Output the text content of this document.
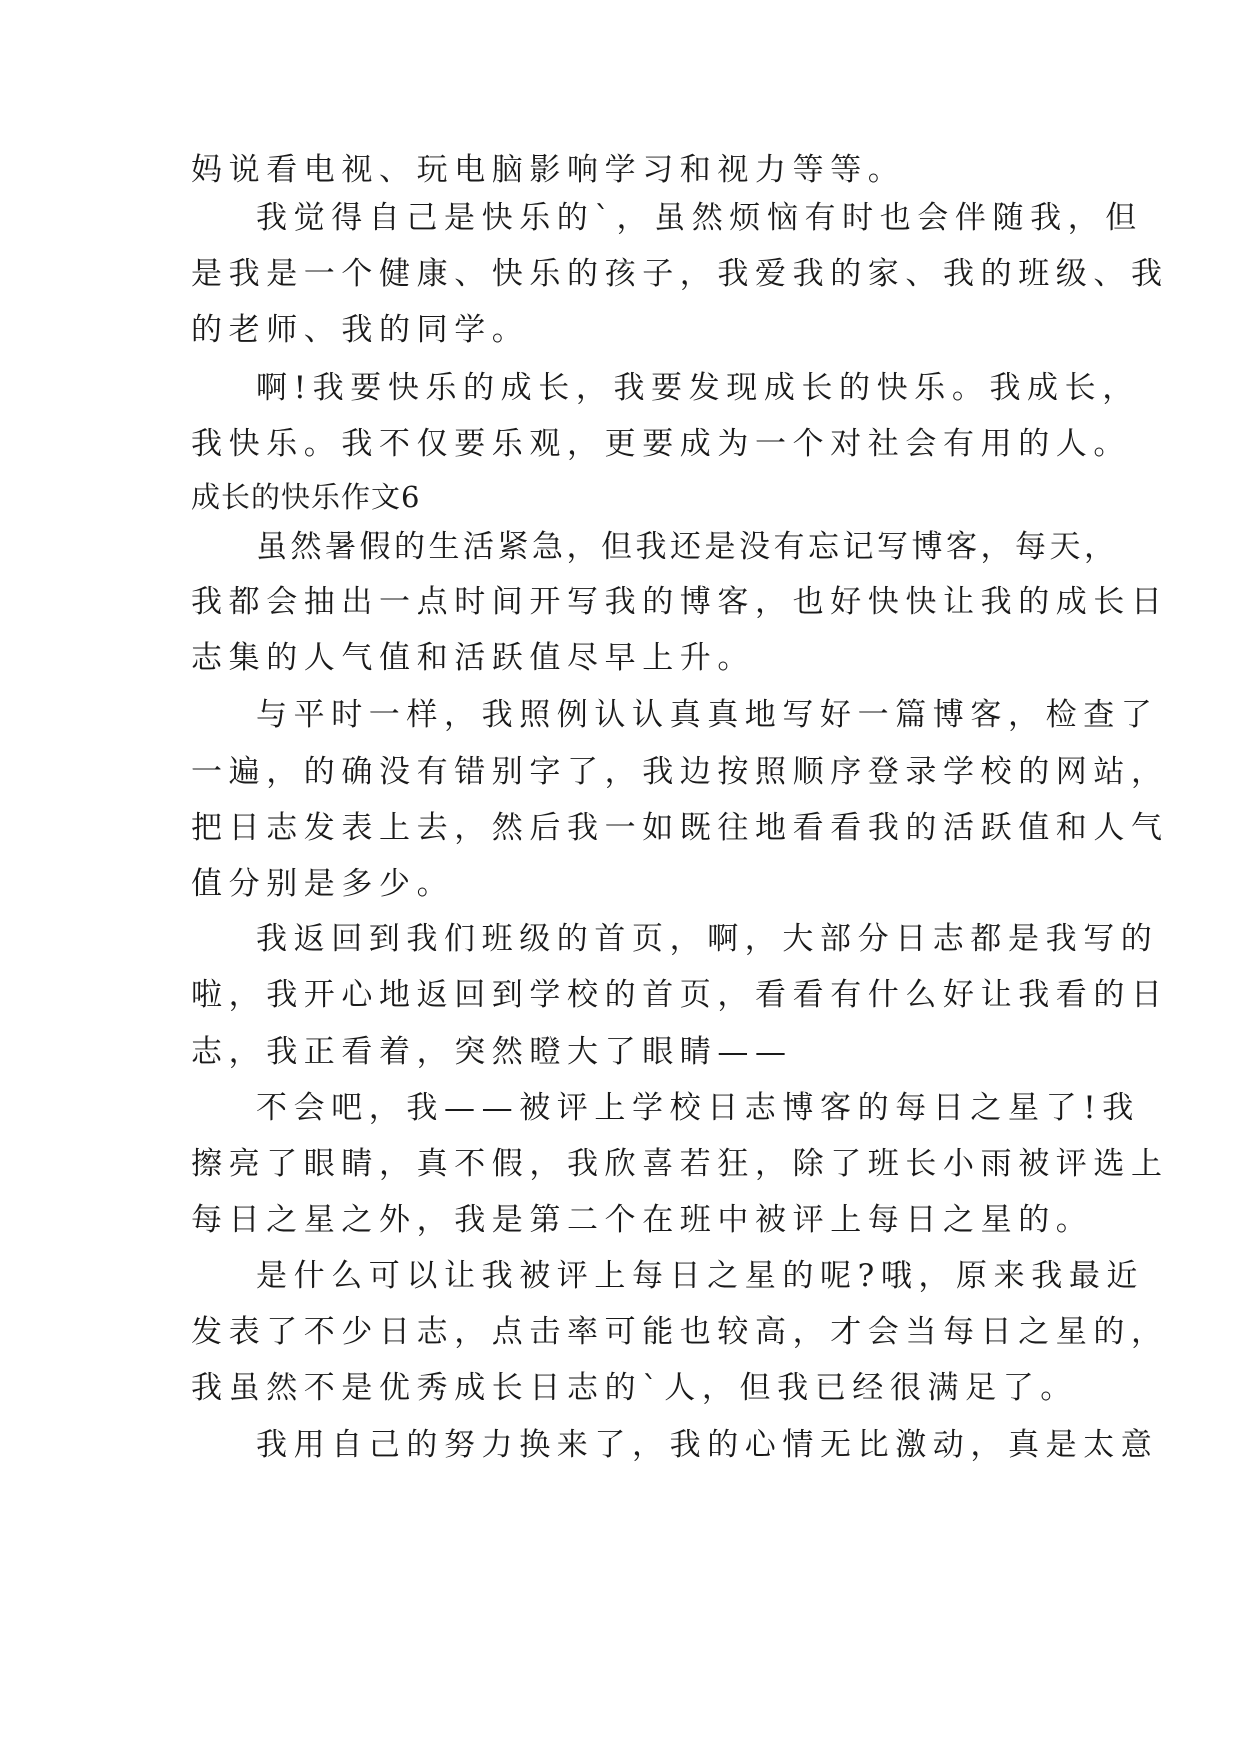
妈说看电视、玩电脑影响学习和视力等等。

我觉得自己是快乐的`，虽然烦恼有时也会伴随我，但

是我是一个健康、快乐的孩子，我爱我的家、我的班级、我

的老师、我的同学。

啊!我要快乐的成长，我要发现成长的快乐。我成长，

我快乐。我不仅要乐观，更要成为一个对社会有用的人。

成长的快乐作文6

虽然暑假的生活紧急，但我还是没有忘记写博客，每天，

我都会抽出一点时间开写我的博客，也好快快让我的成长日

志集的人气值和活跃值尽早上升。

与平时一样，我照例认认真真地写好一篇博客，检查了

一遍，的确没有错别字了，我边按照顺序登录学校的网站，

把日志发表上去，然后我一如既往地看看我的活跃值和人气

值分别是多少。

我返回到我们班级的首页，啊，大部分日志都是我写的

啦，我开心地返回到学校的首页，看看有什么好让我看的日

志，我正看着，突然瞪大了眼睛——

不会吧，我——被评上学校日志博客的每日之星了!我

擦亮了眼睛，真不假，我欣喜若狂，除了班长小雨被评选上

每日之星之外，我是第二个在班中被评上每日之星的。

是什么可以让我被评上每日之星的呢?哦，原来我最近

发表了不少日志，点击率可能也较高，才会当每日之星的，

我虽然不是优秀成长日志的`人，但我已经很满足了。

我用自己的努力换来了，我的心情无比激动，真是太意
